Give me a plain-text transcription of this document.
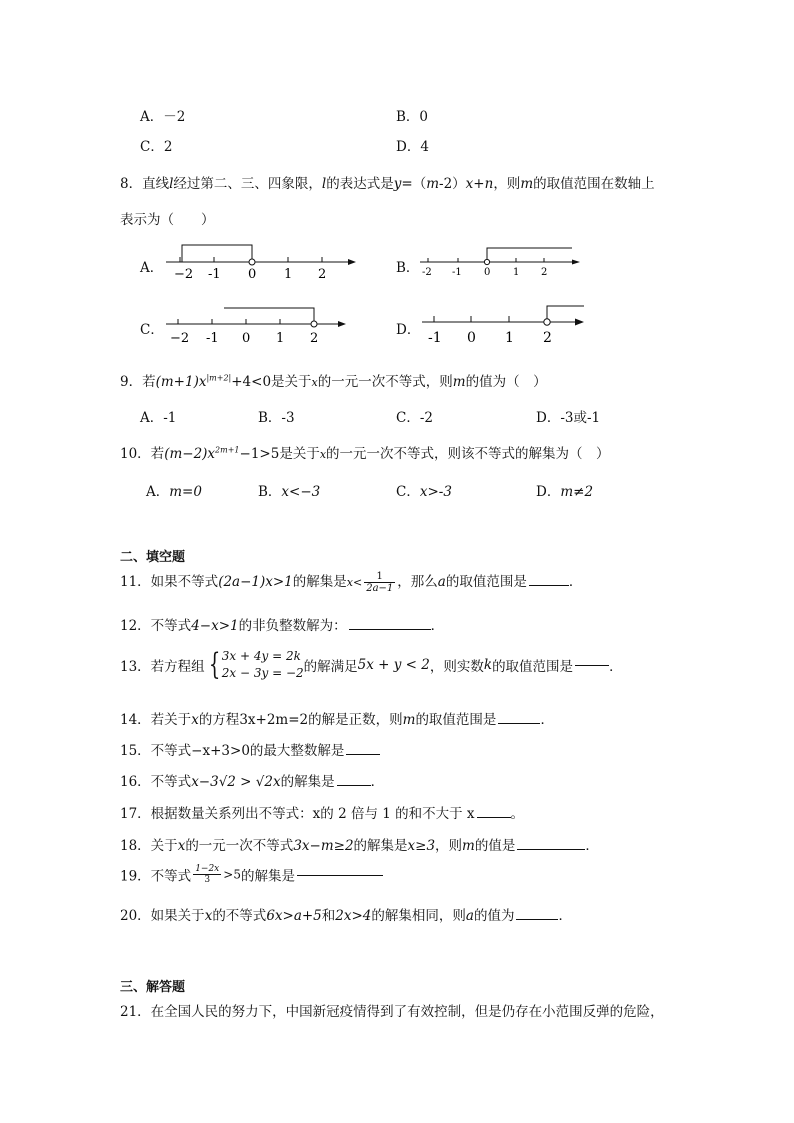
A．－2	B．0
C．2	D．4
8．直线l经过第二、三、四象限，l的表达式是y=（m-2）x+n，则m的取值范围在数轴上
表示为（　　）
A． −2 -1 0 1 2	B． -2 -1 0 1 2
C．
−2 -1 0 1 2
D． -1 0 1 2
9．若$(m+1)x^{|m+2|}+4<0$是关于x的一元一次不等式，则m的值为（　）
A．-1	B．-3	C．-2	D．-3或-1
10．若$(m-2)x^{2m+1}-1>5$是关于x的一元一次不等式，则该不等式的解集为（　）
A．m=0	B．x<−3	C．x>-3	D．m≠2
二、填空题
11．如果不等式(2a−1)x>1的解集是$x< \frac{1}{2a-1}$ ，那么a的取值范围是	．
12．不等式4−x>1的非负整数解为：	．
13．若方程组 { 3x + 4y = 2k
2x − 3y = −2 的解满足5x + y < 2，则实数k的取值范围是	．
14．若关于x的方程3x+2m=2的解是正数，则m的取值范围是	．
15．不等式−x+3>0的最大整数解是
16．不等式x−3√2 > √2x的解集是	．
17．根据数量关系列出不等式：x的 2 倍与 1 的和不大于 x	。
18．关于x的一元一次不等式3x−m≥2的解集是x≥3，则m的值是	．
19．不等式 $\frac{1-2x}{3} >5$的解集是
20．如果关于x的不等式6x>a+5和2x>4的解集相同，则a的值为	．
三、解答题
21．在全国人民的努力下，中国新冠疫情得到了有效控制，但是仍存在小范围反弹的危险，
